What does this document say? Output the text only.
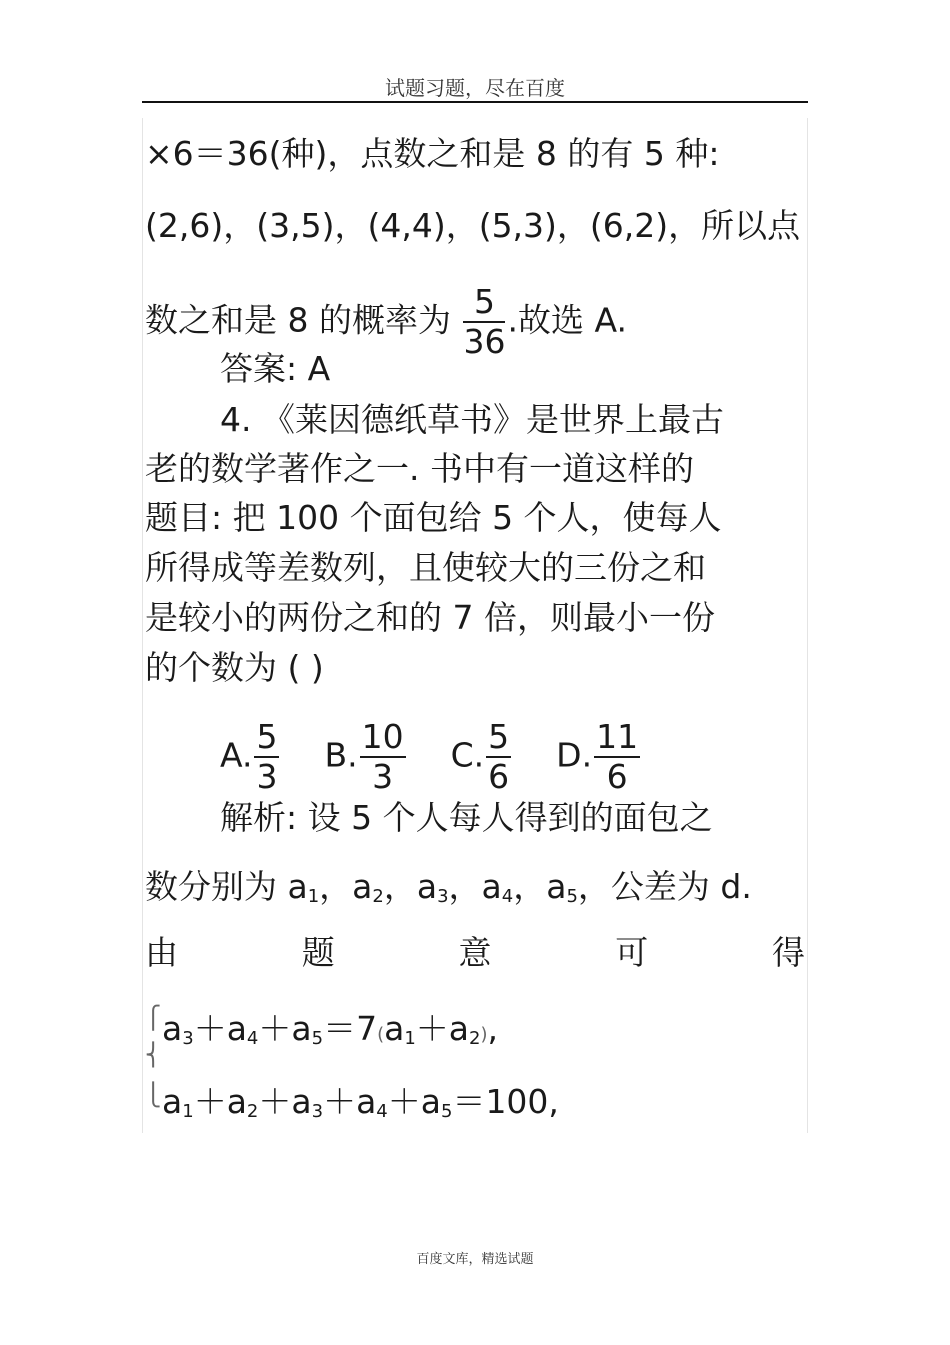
试题习题，尽在百度
×6＝36(种)，点数之和是 8 的有 5 种:
(2,6)，(3,5)，(4,4)，(5,3)，(6,2)，所以点
数之和是 8 的概率为 $\frac{5}{36}$ .故选 A.
答案: A
4. 《莱因德纸草书》是世界上最古
老的数学著作之一. 书中有一道这样的
题目: 把 100 个面包给 5 个人，使每人
所得成等差数列，且使较大的三份之和
是较小的两份之和的 7 倍，则最小一份
的个数为 ( )
A. $\frac{5}{3} B$. $\frac{10}{3} C$. $\frac{5}{6} D$. $\frac{11}{6}$
解析: 设 5 个人每人得到的面包之
数分别为 $a_1$，$a_2$，$a_3$，$a_4$，$a_5$，公差为 d.
由	题	意	可	得
⎧
⎨
⎩
$a_3+a_4+a_5=7(a_1+a_2)$,
$a_1+a_2+a_3+a_4+a_5=100$,
百度文库，精选试题
